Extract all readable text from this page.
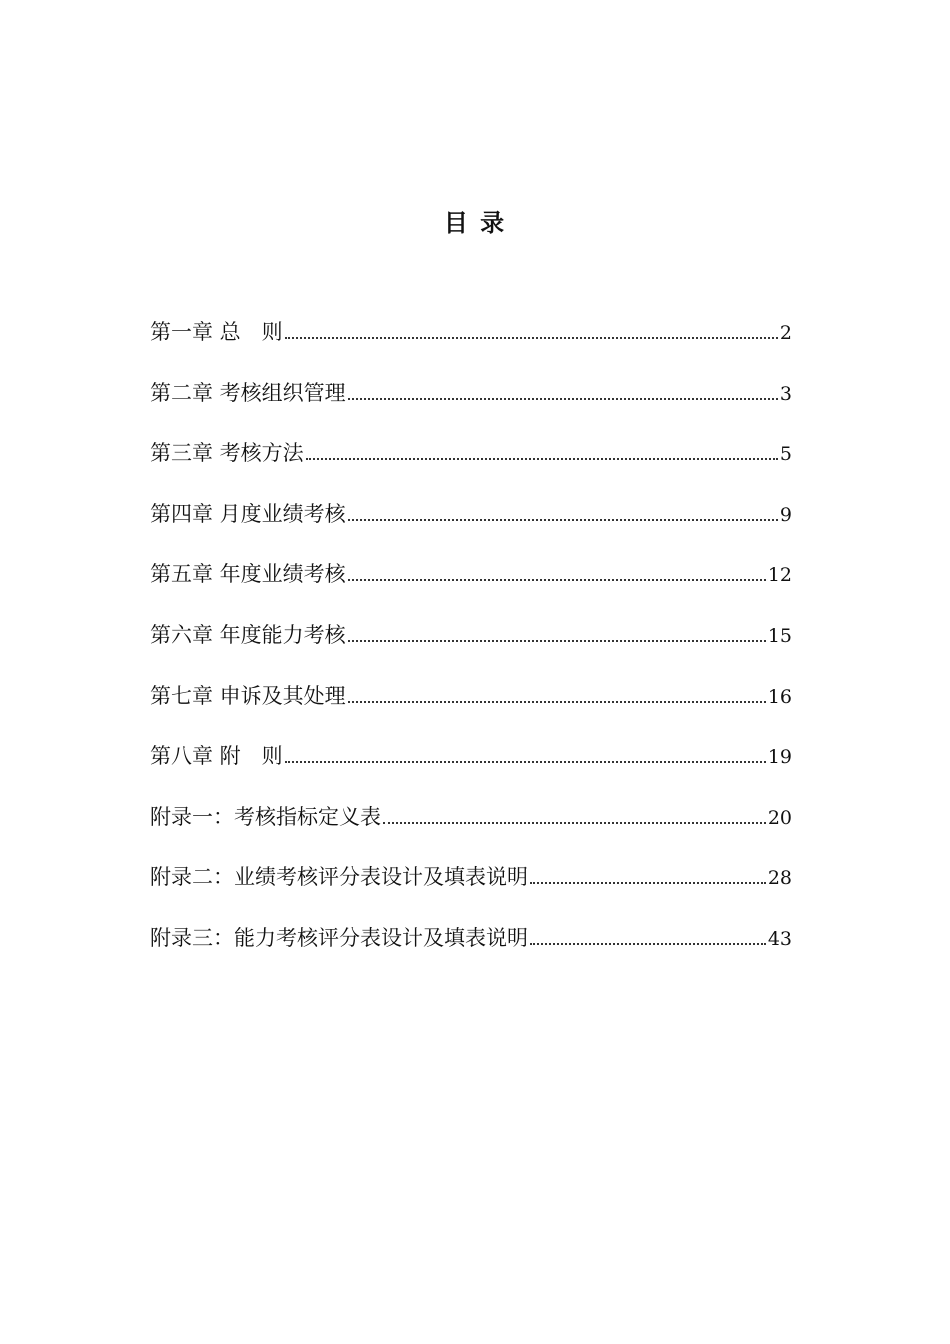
目 录
第一章 总　则	2
第二章 考核组织管理	3
第三章 考核方法	5
第四章 月度业绩考核	9
第五章 年度业绩考核	12
第六章 年度能力考核	15
第七章 申诉及其处理	16
第八章 附　则	19
附录一：考核指标定义表	20
附录二：业绩考核评分表设计及填表说明	28
附录三：能力考核评分表设计及填表说明	43
